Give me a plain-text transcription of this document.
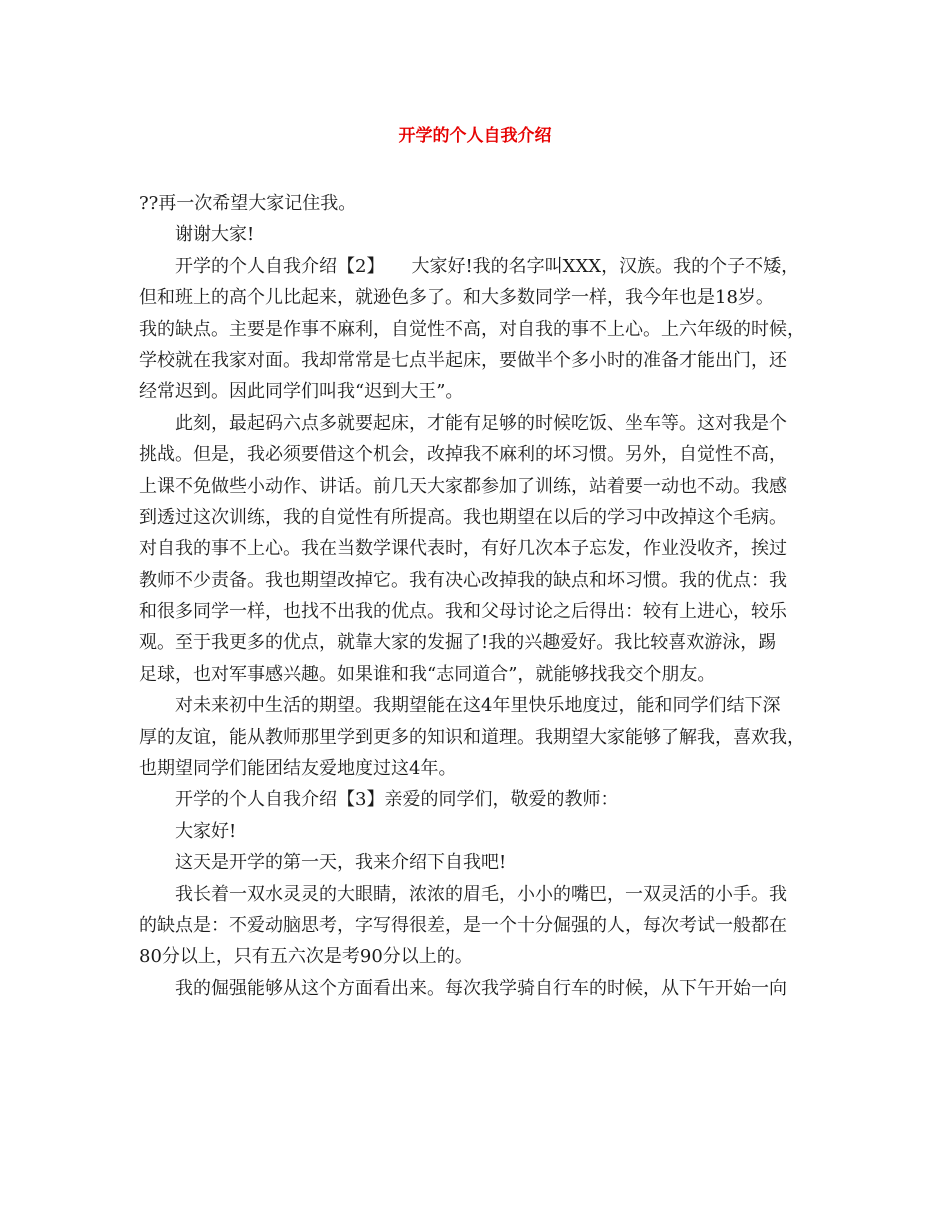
开学的个人自我介绍
??再一次希望大家记住我。
谢谢大家!
开学的个人自我介绍【2】　　大家好!我的名字叫XXX，汉族。我的个子不矮，
但和班上的高个儿比起来，就逊色多了。和大多数同学一样，我今年也是18岁。
我的缺点。主要是作事不麻利，自觉性不高，对自我的事不上心。上六年级的时候，
学校就在我家对面。我却常常是七点半起床，要做半个多小时的准备才能出门，还
经常迟到。因此同学们叫我“迟到大王”。
此刻，最起码六点多就要起床，才能有足够的时候吃饭、坐车等。这对我是个
挑战。但是，我必须要借这个机会，改掉我不麻利的坏习惯。另外，自觉性不高，
上课不免做些小动作、讲话。前几天大家都参加了训练，站着要一动也不动。我感
到透过这次训练，我的自觉性有所提高。我也期望在以后的学习中改掉这个毛病。
对自我的事不上心。我在当数学课代表时，有好几次本子忘发，作业没收齐，挨过
教师不少责备。我也期望改掉它。我有决心改掉我的缺点和坏习惯。我的优点：我
和很多同学一样，也找不出我的优点。我和父母讨论之后得出：较有上进心，较乐
观。至于我更多的优点，就靠大家的发掘了!我的兴趣爱好。我比较喜欢游泳，踢
足球，也对军事感兴趣。如果谁和我“志同道合”，就能够找我交个朋友。
对未来初中生活的期望。我期望能在这4年里快乐地度过，能和同学们结下深
厚的友谊，能从教师那里学到更多的知识和道理。我期望大家能够了解我，喜欢我，
也期望同学们能团结友爱地度过这4年。
开学的个人自我介绍【3】亲爱的同学们，敬爱的教师：
大家好!
这天是开学的第一天，我来介绍下自我吧!
我长着一双水灵灵的大眼睛，浓浓的眉毛，小小的嘴巴，一双灵活的小手。我
的缺点是：不爱动脑思考，字写得很差，是一个十分倔强的人，每次考试一般都在
80分以上，只有五六次是考90分以上的。
我的倔强能够从这个方面看出来。每次我学骑自行车的时候，从下午开始一向
